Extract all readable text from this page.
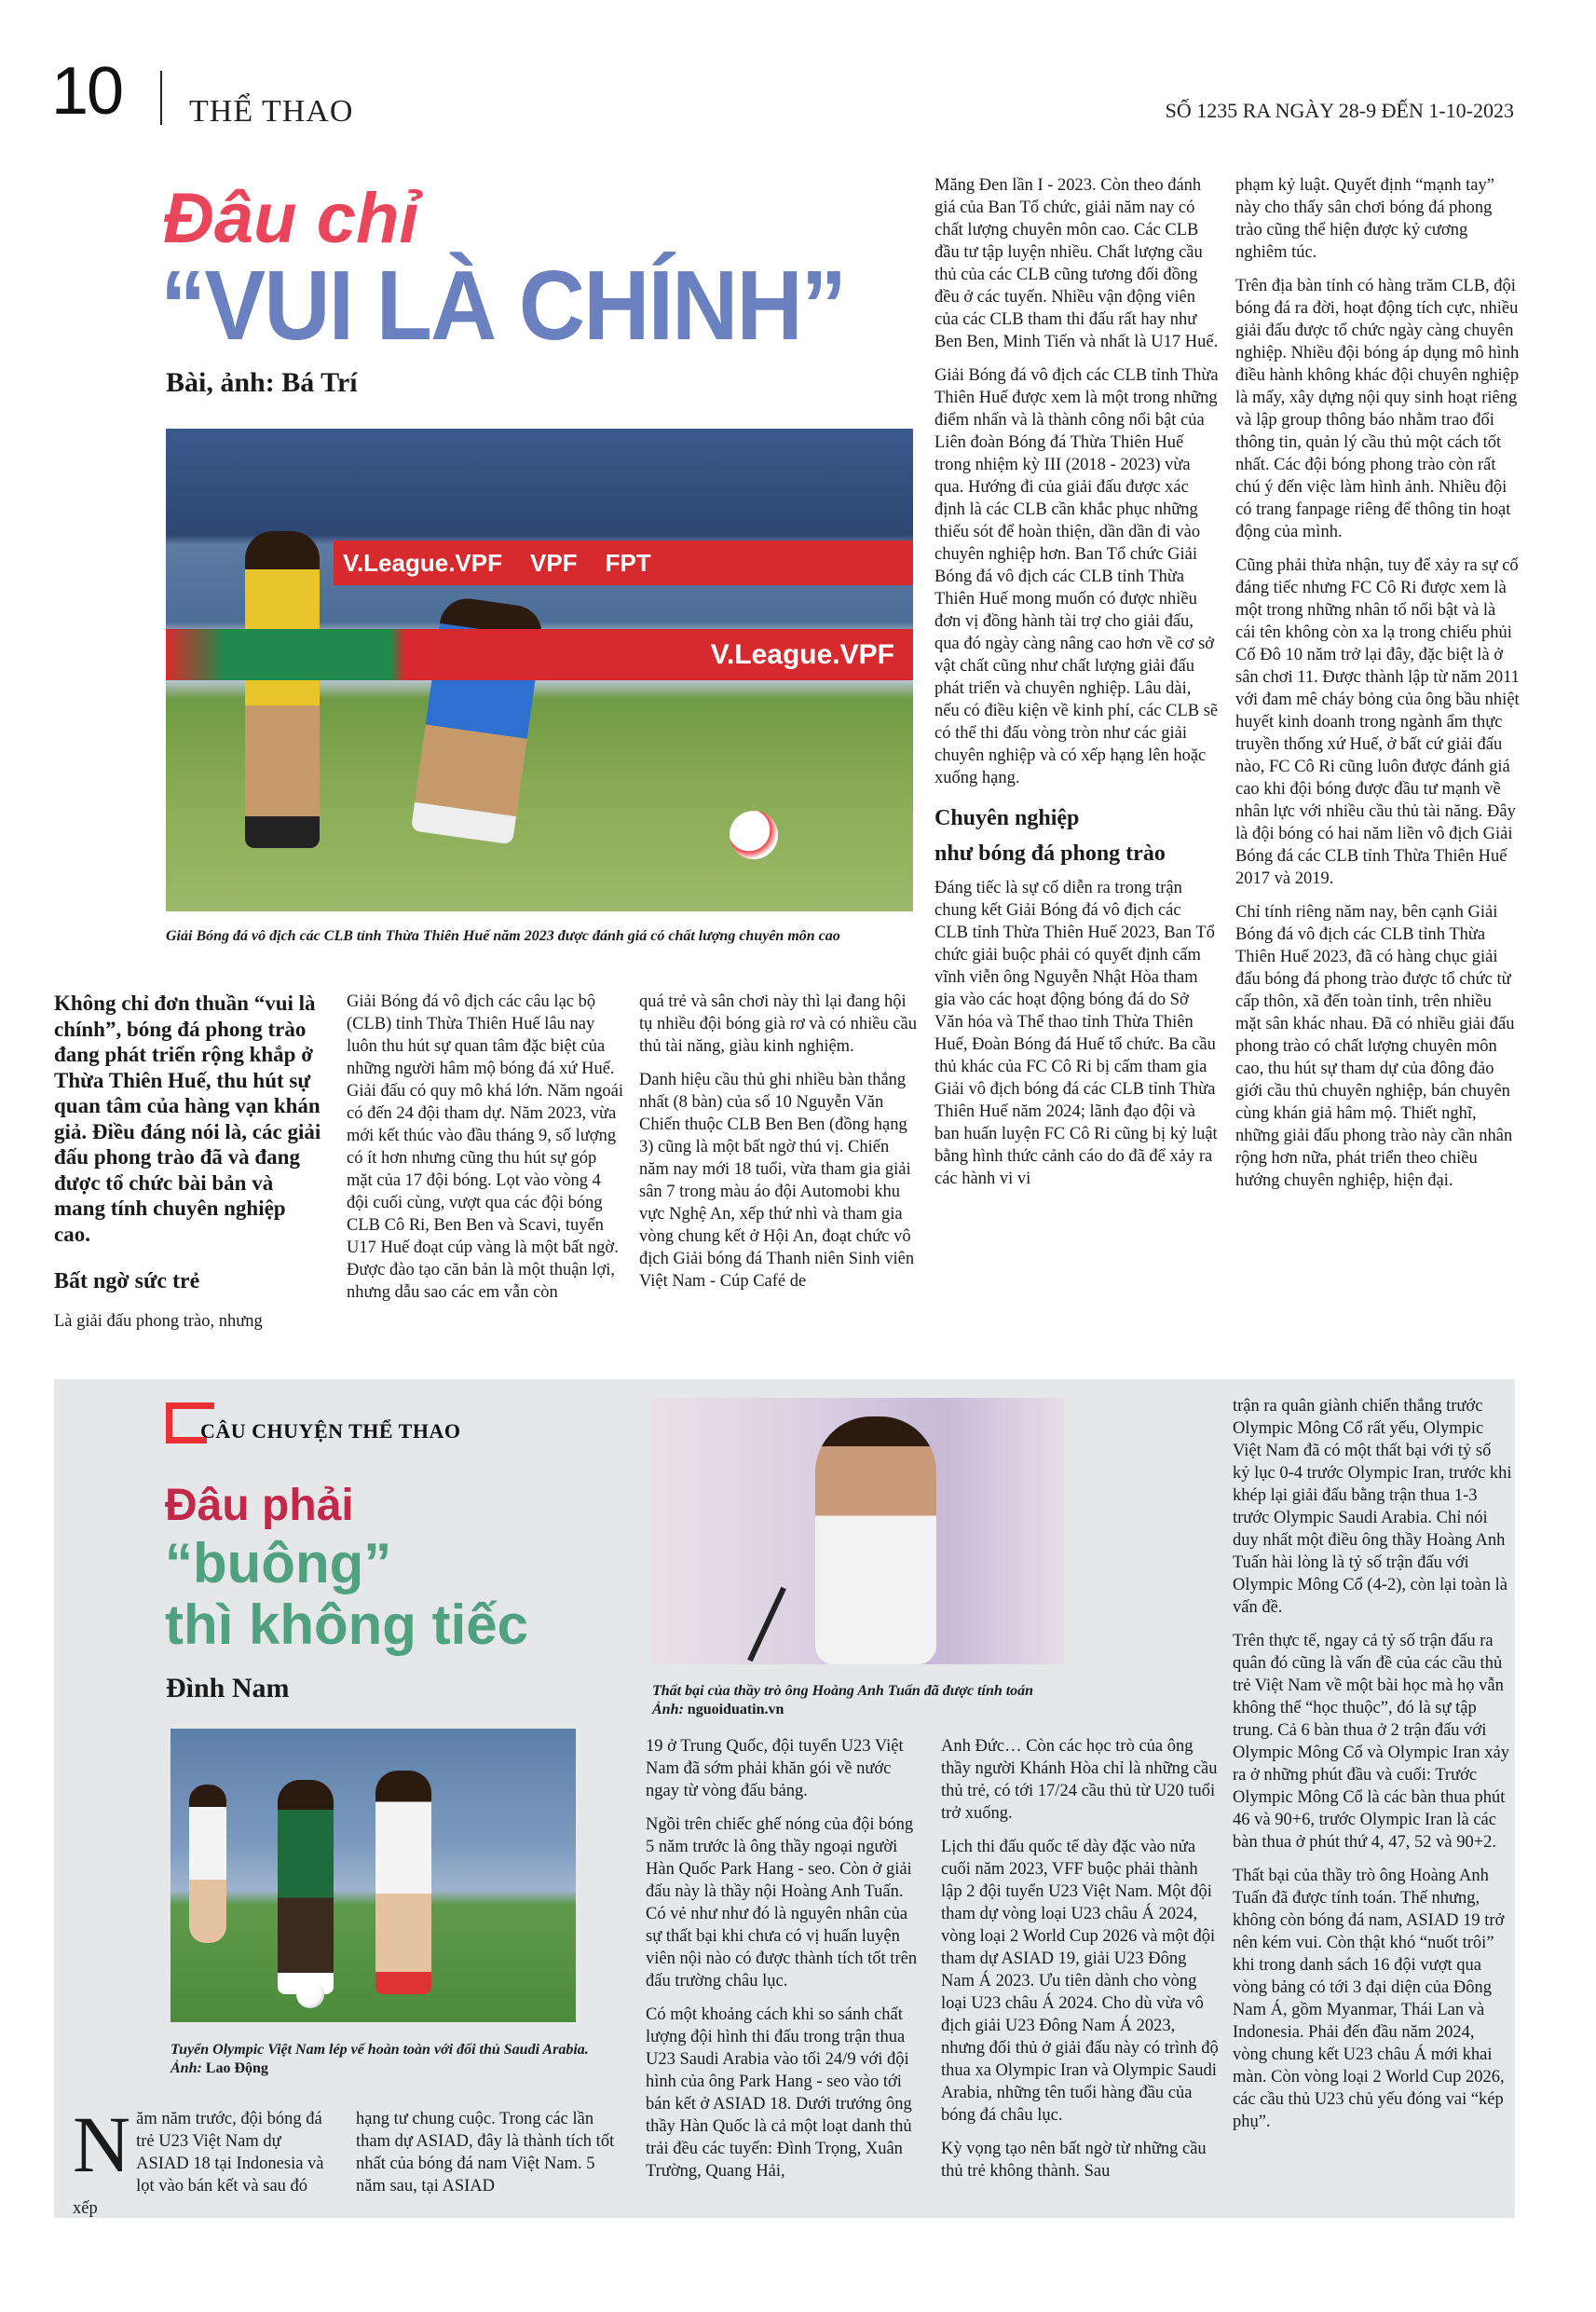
10 THỂ THAO	SỐ 1235 RA NGÀY 28-9 ĐẾN 1-10-2023
Đâu chỉ
“VUI LÀ CHÍNH”
Bài, ảnh: Bá Trí
V.League.VPF VPF FPT
V.League.VPF
Giải Bóng đá vô địch các CLB tỉnh Thừa Thiên Huế năm 2023 được đánh giá có chất lượng chuyên môn cao

Không chỉ đơn thuần “vui là chính”, bóng đá phong trào đang phát triển rộng khắp ở Thừa Thiên Huế, thu hút sự quan tâm của hàng vạn khán giả. Điều đáng nói là, các giải đấu phong trào đã và đang được tổ chức bài bản và mang tính chuyên nghiệp cao.

Bất ngờ sức trẻ

Là giải đấu phong trào, nhưng

Giải Bóng đá vô địch các câu lạc bộ (CLB) tỉnh Thừa Thiên Huế lâu nay luôn thu hút sự quan tâm đặc biệt của những người hâm mộ bóng đá xứ Huế. Giải đấu có quy mô khá lớn. Năm ngoái có đến 24 đội tham dự. Năm 2023, vừa mới kết thúc vào đầu tháng 9, số lượng có ít hơn nhưng cũng thu hút sự góp mặt của 17 đội bóng. Lọt vào vòng 4 đội cuối cùng, vượt qua các đội bóng CLB Cô Ri, Ben Ben và Scavi, tuyển U17 Huế đoạt cúp vàng là một bất ngờ. Được đào tạo căn bản là một thuận lợi, nhưng dẫu sao các em vẫn còn

quá trẻ và sân chơi này thì lại đang hội tụ nhiều đội bóng già rơ và có nhiều cầu thủ tài năng, giàu kinh nghiệm.

Danh hiệu cầu thủ ghi nhiều bàn thắng nhất (8 bàn) của số 10 Nguyễn Văn Chiến thuộc CLB Ben Ben (đồng hạng 3) cũng là một bất ngờ thú vị. Chiến năm nay mới 18 tuổi, vừa tham gia giải sân 7 trong màu áo đội Automobi khu vực Nghệ An, xếp thứ nhì và tham gia vòng chung kết ở Hội An, đoạt chức vô địch Giải bóng đá Thanh niên Sinh viên Việt Nam - Cúp Café de

Măng Đen lần I - 2023. Còn theo đánh giá của Ban Tổ chức, giải năm nay có chất lượng chuyên môn cao. Các CLB đầu tư tập luyện nhiều. Chất lượng cầu thủ của các CLB cũng tương đối đồng đều ở các tuyến. Nhiều vận động viên của các CLB tham thi đấu rất hay như Ben Ben, Minh Tiến và nhất là U17 Huế.

Giải Bóng đá vô địch các CLB tỉnh Thừa Thiên Huế được xem là một trong những điểm nhấn và là thành công nổi bật của Liên đoàn Bóng đá Thừa Thiên Huế trong nhiệm kỳ III (2018 - 2023) vừa qua. Hướng đi của giải đấu được xác định là các CLB cần khắc phục những thiếu sót để hoàn thiện, dần dần đi vào chuyên nghiệp hơn. Ban Tổ chức Giải Bóng đá vô địch các CLB tỉnh Thừa Thiên Huế mong muốn có được nhiều đơn vị đồng hành tài trợ cho giải đấu, qua đó ngày càng nâng cao hơn về cơ sở vật chất cũng như chất lượng giải đấu phát triển và chuyên nghiệp. Lâu dài, nếu có điều kiện về kinh phí, các CLB sẽ có thể thi đấu vòng tròn như các giải chuyên nghiệp và có xếp hạng lên hoặc xuống hạng.

Chuyên nghiệp
như bóng đá phong trào

Đáng tiếc là sự cố diễn ra trong trận chung kết Giải Bóng đá vô địch các CLB tỉnh Thừa Thiên Huế 2023, Ban Tổ chức giải buộc phải có quyết định cấm vĩnh viễn ông Nguyễn Nhật Hòa tham gia vào các hoạt động bóng đá do Sở Văn hóa và Thể thao tỉnh Thừa Thiên Huế, Đoàn Bóng đá Huế tổ chức. Ba cầu thủ khác của FC Cô Ri bị cấm tham gia Giải vô địch bóng đá các CLB tỉnh Thừa Thiên Huế năm 2024; lãnh đạo đội và ban huấn luyện FC Cô Ri cũng bị kỷ luật bằng hình thức cảnh cáo do đã để xảy ra các hành vi vi

phạm kỷ luật. Quyết định “mạnh tay” này cho thấy sân chơi bóng đá phong trào cũng thể hiện được kỷ cương nghiêm túc.

Trên địa bàn tỉnh có hàng trăm CLB, đội bóng đá ra đời, hoạt động tích cực, nhiều giải đấu được tổ chức ngày càng chuyên nghiệp. Nhiều đội bóng áp dụng mô hình điều hành không khác đội chuyên nghiệp là mấy, xây dựng nội quy sinh hoạt riêng và lập group thông báo nhằm trao đổi thông tin, quản lý cầu thủ một cách tốt nhất. Các đội bóng phong trào còn rất chú ý đến việc làm hình ảnh. Nhiều đội có trang fanpage riêng để thông tin hoạt động của mình.

Cũng phải thừa nhận, tuy để xảy ra sự cố đáng tiếc nhưng FC Cô Ri được xem là một trong những nhân tố nổi bật và là cái tên không còn xa lạ trong chiếu phủi Cố Đô 10 năm trở lại đây, đặc biệt là ở sân chơi 11. Được thành lập từ năm 2011 với đam mê cháy bỏng của ông bầu nhiệt huyết kinh doanh trong ngành ẩm thực truyền thống xứ Huế, ở bất cứ giải đấu nào, FC Cô Ri cũng luôn được đánh giá cao khi đội bóng được đầu tư mạnh về nhân lực với nhiều cầu thủ tài năng. Đây là đội bóng có hai năm liền vô địch Giải Bóng đá các CLB tỉnh Thừa Thiên Huế 2017 và 2019.

Chỉ tính riêng năm nay, bên cạnh Giải Bóng đá vô địch các CLB tỉnh Thừa Thiên Huế 2023, đã có hàng chục giải đấu bóng đá phong trào được tổ chức từ cấp thôn, xã đến toàn tỉnh, trên nhiều mặt sân khác nhau. Đã có nhiều giải đấu phong trào có chất lượng chuyên môn cao, thu hút sự tham dự của đông đảo giới cầu thủ chuyên nghiệp, bán chuyên cùng khán giả hâm mộ. Thiết nghĩ, những giải đấu phong trào này cần nhân rộng hơn nữa, phát triển theo chiều hướng chuyên nghiệp, hiện đại.

CÂU CHUYỆN THỂ THAO
Đâu phải
“buông”
thì không tiếc
Đình Nam
Tuyển Olympic Việt Nam lép vế hoàn toàn với đối thủ Saudi Arabia. Ảnh: Lao Động
Thất bại của thầy trò ông Hoàng Anh Tuấn đã được tính toán
Ảnh: nguoiduatin.vn

Năm năm trước, đội bóng đá trẻ U23 Việt Nam dự ASIAD 18 tại Indonesia và lọt vào bán kết và sau đó xếp

hạng tư chung cuộc. Trong các lần tham dự ASIAD, đây là thành tích tốt nhất của bóng đá nam Việt Nam. 5 năm sau, tại ASIAD

19 ở Trung Quốc, đội tuyển U23 Việt Nam đã sớm phải khăn gói về nước ngay từ vòng đấu bảng.

Ngồi trên chiếc ghế nóng của đội bóng 5 năm trước là ông thầy ngoại người Hàn Quốc Park Hang - seo. Còn ở giải đấu này là thầy nội Hoàng Anh Tuấn. Có vẻ như như đó là nguyên nhân của sự thất bại khi chưa có vị huấn luyện viên nội nào có được thành tích tốt trên đấu trường châu lục.

Có một khoảng cách khi so sánh chất lượng đội hình thi đấu trong trận thua U23 Saudi Arabia vào tối 24/9 với đội hình của ông Park Hang - seo vào tới bán kết ở ASIAD 18. Dưới trướng ông thầy Hàn Quốc là cả một loạt danh thủ trải đều các tuyến: Đình Trọng, Xuân Trường, Quang Hải,

Anh Đức… Còn các học trò của ông thầy người Khánh Hòa chỉ là những cầu thủ trẻ, có tới 17/24 cầu thủ từ U20 tuổi trở xuống.

Lịch thi đấu quốc tế dày đặc vào nửa cuối năm 2023, VFF buộc phải thành lập 2 đội tuyển U23 Việt Nam. Một đội tham dự vòng loại U23 châu Á 2024, vòng loại 2 World Cup 2026 và một đội tham dự ASIAD 19, giải U23 Đông Nam Á 2023. Ưu tiên dành cho vòng loại U23 châu Á 2024. Cho dù vừa vô địch giải U23 Đông Nam Á 2023, nhưng đối thủ ở giải đấu này có trình độ thua xa Olympic Iran và Olympic Saudi Arabia, những tên tuổi hàng đầu của bóng đá châu lục.

Kỳ vọng tạo nên bất ngờ từ những cầu thủ trẻ không thành. Sau

trận ra quân giành chiến thắng trước Olympic Mông Cổ rất yếu, Olympic Việt Nam đã có một thất bại với tỷ số kỷ lục 0-4 trước Olympic Iran, trước khi khép lại giải đấu bằng trận thua 1-3 trước Olympic Saudi Arabia. Chỉ nói duy nhất một điều ông thầy Hoàng Anh Tuấn hài lòng là tỷ số trận đấu với Olympic Mông Cổ (4-2), còn lại toàn là vấn đề.

Trên thực tế, ngay cả tỷ số trận đấu ra quân đó cũng là vấn đề của các cầu thủ trẻ Việt Nam về một bài học mà họ vẫn không thể “học thuộc”, đó là sự tập trung. Cả 6 bàn thua ở 2 trận đấu với Olympic Mông Cổ và Olympic Iran xảy ra ở những phút đầu và cuối: Trước Olympic Mông Cổ là các bàn thua phút 46 và 90+6, trước Olympic Iran là các bàn thua ở phút thứ 4, 47, 52 và 90+2.

Thất bại của thầy trò ông Hoàng Anh Tuấn đã được tính toán. Thế nhưng, không còn bóng đá nam, ASIAD 19 trở nên kém vui. Còn thật khó “nuốt trôi” khi trong danh sách 16 đội vượt qua vòng bảng có tới 3 đại diện của Đông Nam Á, gồm Myanmar, Thái Lan và Indonesia. Phải đến đầu năm 2024, vòng chung kết U23 châu Á mới khai màn. Còn vòng loại 2 World Cup 2026, các cầu thủ U23 chủ yếu đóng vai “kép phụ”.
